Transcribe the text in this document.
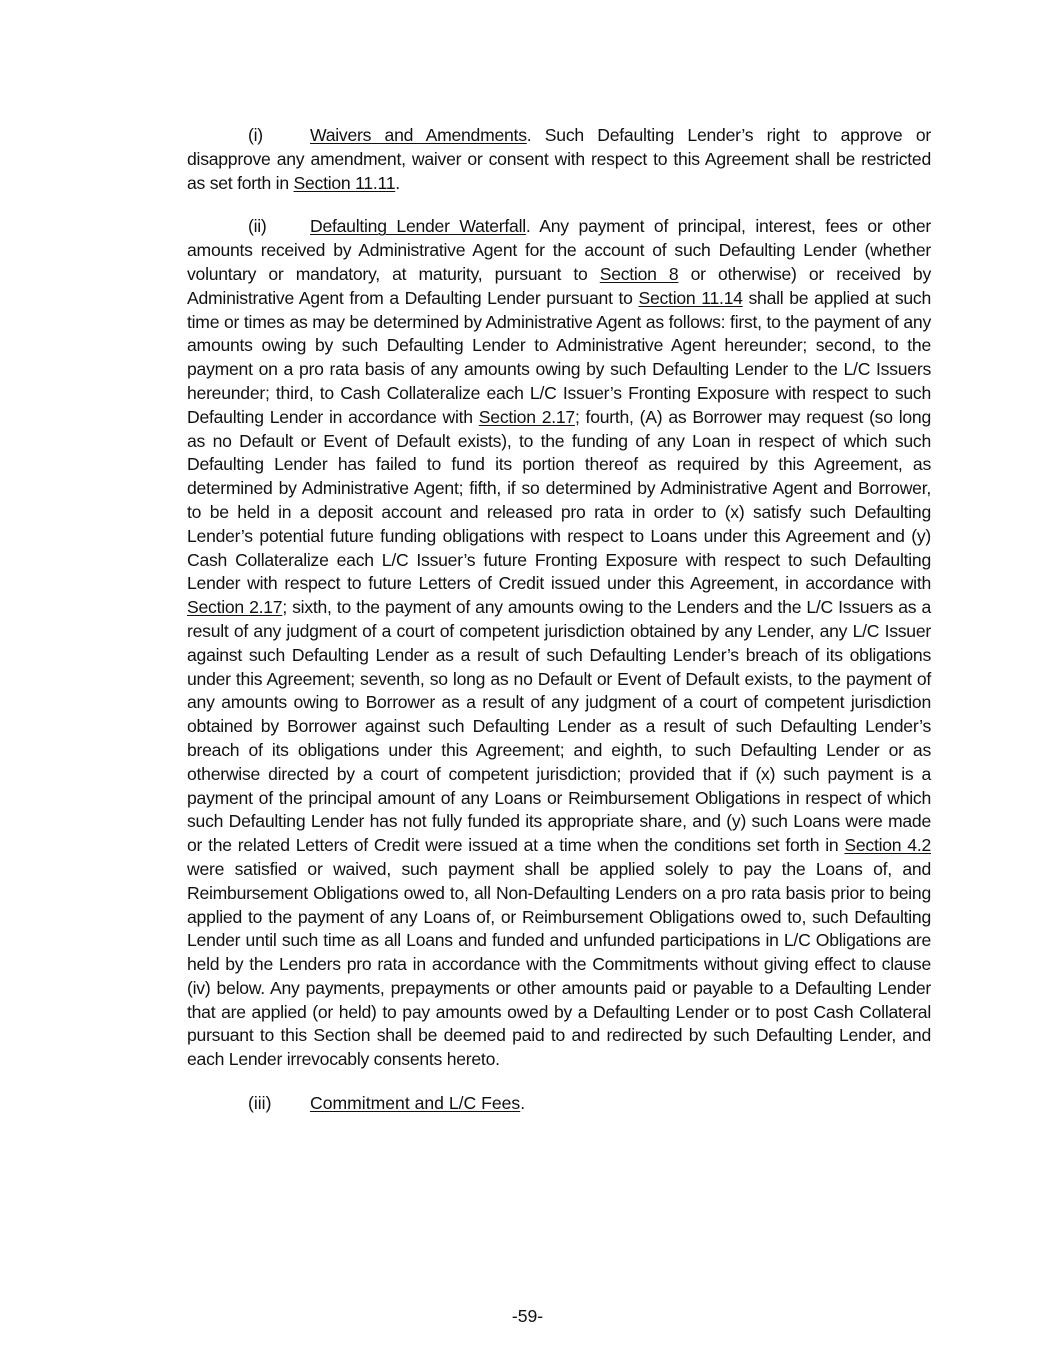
(i)	Waivers and Amendments. Such Defaulting Lender’s right to approve or disapprove any amendment, waiver or consent with respect to this Agreement shall be restricted as set forth in Section 11.11.

(ii) Defaulting Lender Waterfall. Any payment of principal, interest, fees or other amounts received by Administrative Agent for the account of such Defaulting Lender (whether voluntary or mandatory, at maturity, pursuant to Section 8 or otherwise) or received by Administrative Agent from a Defaulting Lender pursuant to Section 11.14 shall be applied at such time or times as may be determined by Administrative Agent as follows: first, to the payment of any amounts owing by such Defaulting Lender to Administrative Agent hereunder; second, to the payment on a pro rata basis of any amounts owing by such Defaulting Lender to the L/C Issuers hereunder; third, to Cash Collateralize each L/C Issuer’s Fronting Exposure with respect to such Defaulting Lender in accordance with Section 2.17; fourth, (A) as Borrower may request (so long as no Default or Event of Default exists), to the funding of any Loan in respect of which such Defaulting Lender has failed to fund its portion thereof as required by this Agreement, as determined by Administrative Agent; fifth, if so determined by Administrative Agent and Borrower, to be held in a deposit account and released pro rata in order to (x) satisfy such Defaulting Lender’s potential future funding obligations with respect to Loans under this Agreement and (y) Cash Collateralize each L/C Issuer’s future Fronting Exposure with respect to such Defaulting Lender with respect to future Letters of Credit issued under this Agreement, in accordance with Section 2.17; sixth, to the payment of any amounts owing to the Lenders and the L/C Issuers as a result of any judgment of a court of competent jurisdiction obtained by any Lender, any L/C Issuer against such Defaulting Lender as a result of such Defaulting Lender’s breach of its obligations under this Agreement; seventh, so long as no Default or Event of Default exists, to the payment of any amounts owing to Borrower as a result of any judgment of a court of competent jurisdiction obtained by Borrower against such Defaulting Lender as a result of such Defaulting Lender’s breach of its obligations under this Agreement; and eighth, to such Defaulting Lender or as otherwise directed by a court of competent jurisdiction; provided that if (x) such payment is a payment of the principal amount of any Loans or Reimbursement Obligations in respect of which such Defaulting Lender has not fully funded its appropriate share, and (y) such Loans were made or the related Letters of Credit were issued at a time when the conditions set forth in Section 4.2 were satisfied or waived, such payment shall be applied solely to pay the Loans of, and Reimbursement Obligations owed to, all Non-Defaulting Lenders on a pro rata basis prior to being applied to the payment of any Loans of, or Reimbursement Obligations owed to, such Defaulting Lender until such time as all Loans and funded and unfunded participations in L/C Obligations are held by the Lenders pro rata in accordance with the Commitments without giving effect to clause (iv) below. Any payments, prepayments or other amounts paid or payable to a Defaulting Lender that are applied (or held) to pay amounts owed by a Defaulting Lender or to post Cash Collateral pursuant to this Section shall be deemed paid to and redirected by such Defaulting Lender, and each Lender irrevocably consents hereto.

(iii) Commitment and L/C Fees.

-59-
